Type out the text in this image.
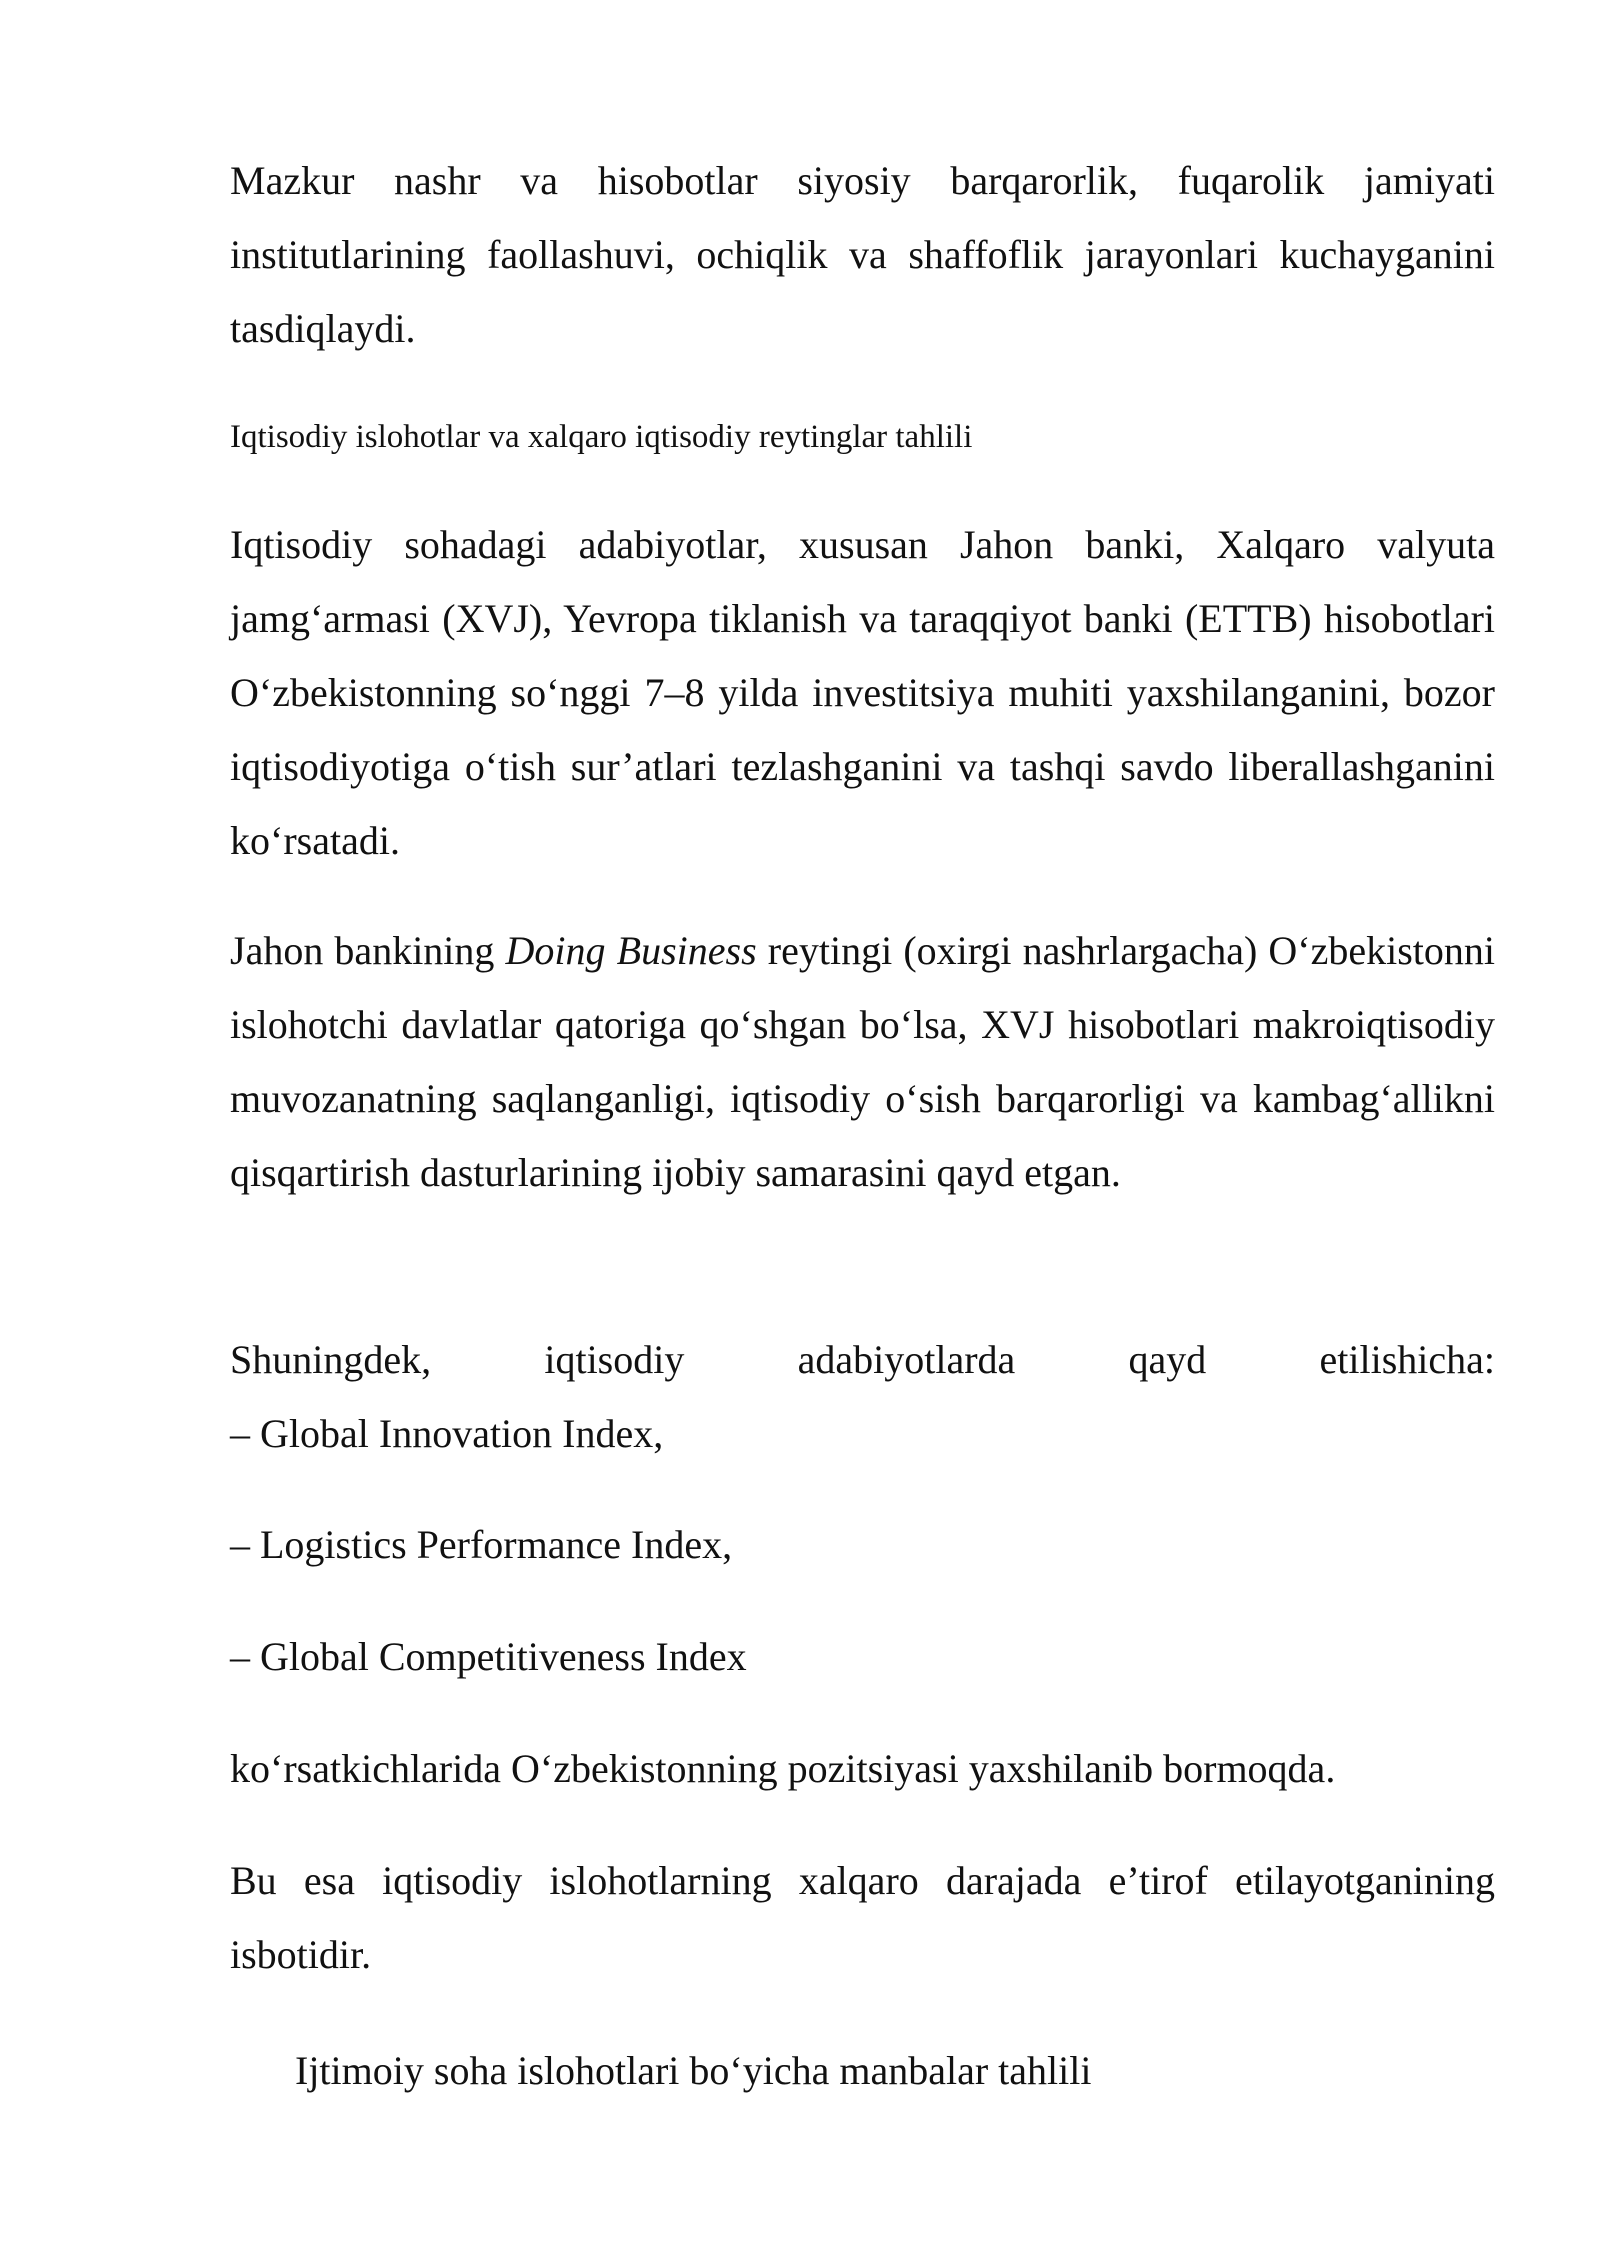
Mazkur nashr va hisobotlar siyosiy barqarorlik, fuqarolik jamiyati institutlarining faollashuvi, ochiqlik va shaffoflik jarayonlari kuchayganini tasdiqlaydi.

Iqtisodiy islohotlar va xalqaro iqtisodiy reytinglar tahlili

Iqtisodiy sohadagi adabiyotlar, xususan Jahon banki, Xalqaro valyuta jamg‘armasi (XVJ), Yevropa tiklanish va taraqqiyot banki (ETTB) hisobotlari O‘zbekistonning so‘nggi 7–8 yilda investitsiya muhiti yaxshilanganini, bozor iqtisodiyotiga o‘tish sur’atlari tezlashganini va tashqi savdo liberallashganini ko‘rsatadi.

Jahon bankining Doing Business reytingi (oxirgi nashrlargacha) O‘zbekistonni islohotchi davlatlar qatoriga qo‘shgan bo‘lsa, XVJ hisobotlari makroiqtisodiy muvozanatning saqlanganligi, iqtisodiy o‘sish barqarorligi va kambag‘allikni qisqartirish dasturlarining ijobiy samarasini qayd etgan.

Shuningdek, iqtisodiy adabiyotlarda qayd etilishicha:
– Global Innovation Index,

– Logistics Performance Index,

– Global Competitiveness Index

ko‘rsatkichlarida O‘zbekistonning pozitsiyasi yaxshilanib bormoqda.

Bu esa iqtisodiy islohotlarning xalqaro darajada e’tirof etilayotganining isbotidir.

Ijtimoiy soha islohotlari bo‘yicha manbalar tahlili
